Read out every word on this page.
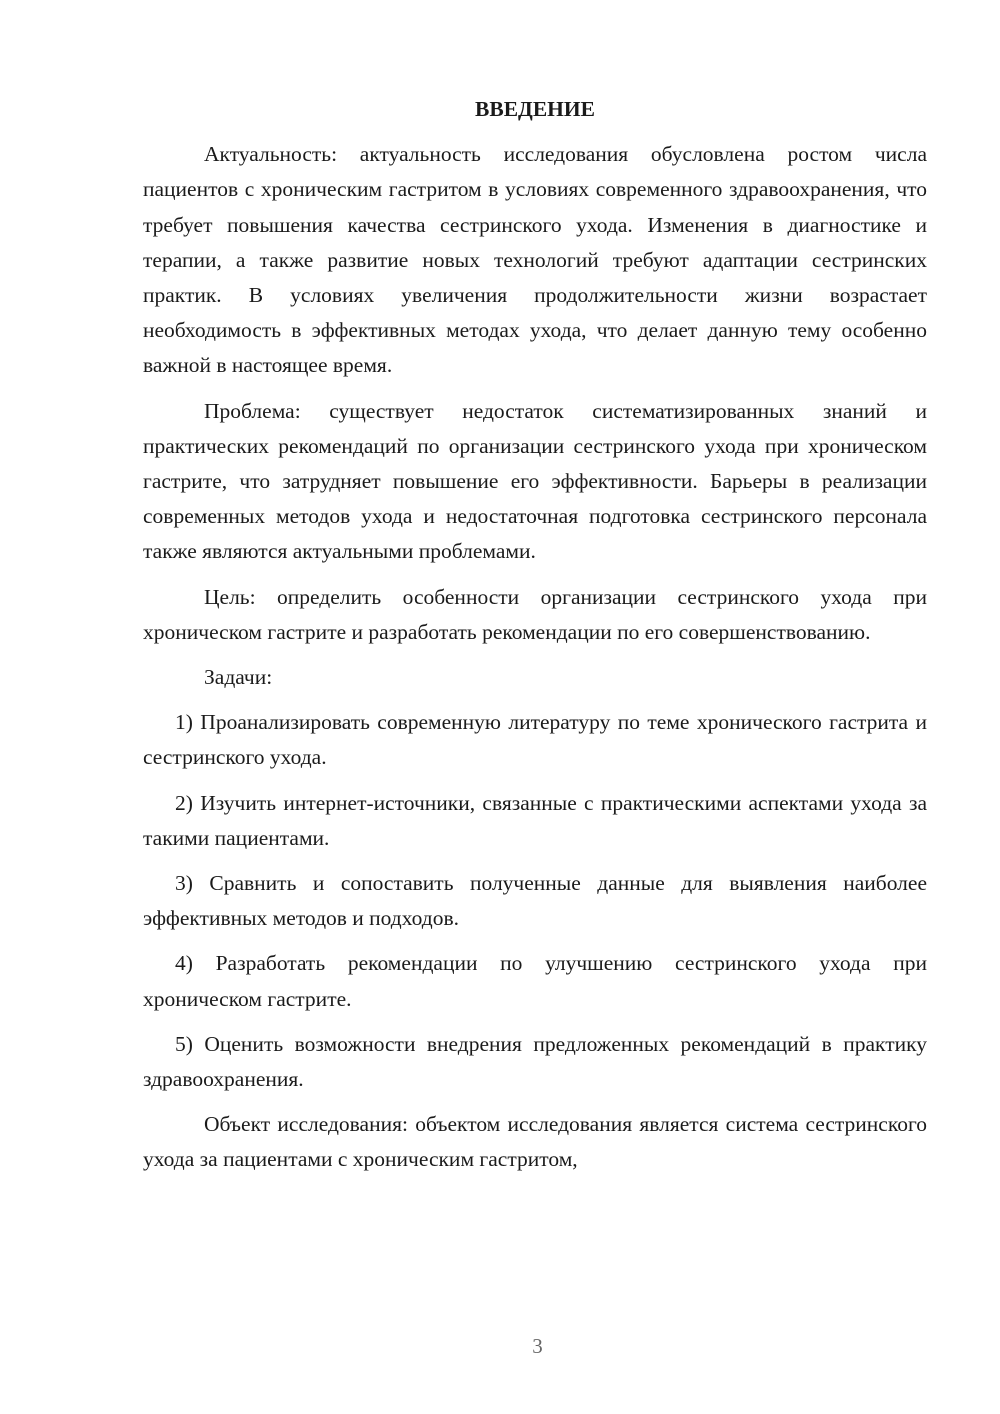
ВВЕДЕНИЕ
Актуальность: актуальность исследования обусловлена ростом числа пациентов с хроническим гастритом в условиях современного здравоохранения, что требует повышения качества сестринского ухода. Изменения в диагностике и терапии, а также развитие новых технологий требуют адаптации сестринских практик. В условиях увеличения продолжительности жизни возрастает необходимость в эффективных методах ухода, что делает данную тему особенно важной в настоящее время.
Проблема: существует недостаток систематизированных знаний и практических рекомендаций по организации сестринского ухода при хроническом гастрите, что затрудняет повышение его эффективности. Барьеры в реализации современных методов ухода и недостаточная подготовка сестринского персонала также являются актуальными проблемами.
Цель: определить особенности организации сестринского ухода при хроническом гастрите и разработать рекомендации по его совершенствованию.
Задачи:
1) Проанализировать современную литературу по теме хронического гастрита и сестринского ухода.
2) Изучить интернет-источники, связанные с практическими аспектами ухода за такими пациентами.
3) Сравнить и сопоставить полученные данные для выявления наиболее эффективных методов и подходов.
4) Разработать рекомендации по улучшению сестринского ухода при хроническом гастрите.
5) Оценить возможности внедрения предложенных рекомендаций в практику здравоохранения.
Объект исследования: объектом исследования является система сестринского ухода за пациентами с хроническим гастритом,
3
